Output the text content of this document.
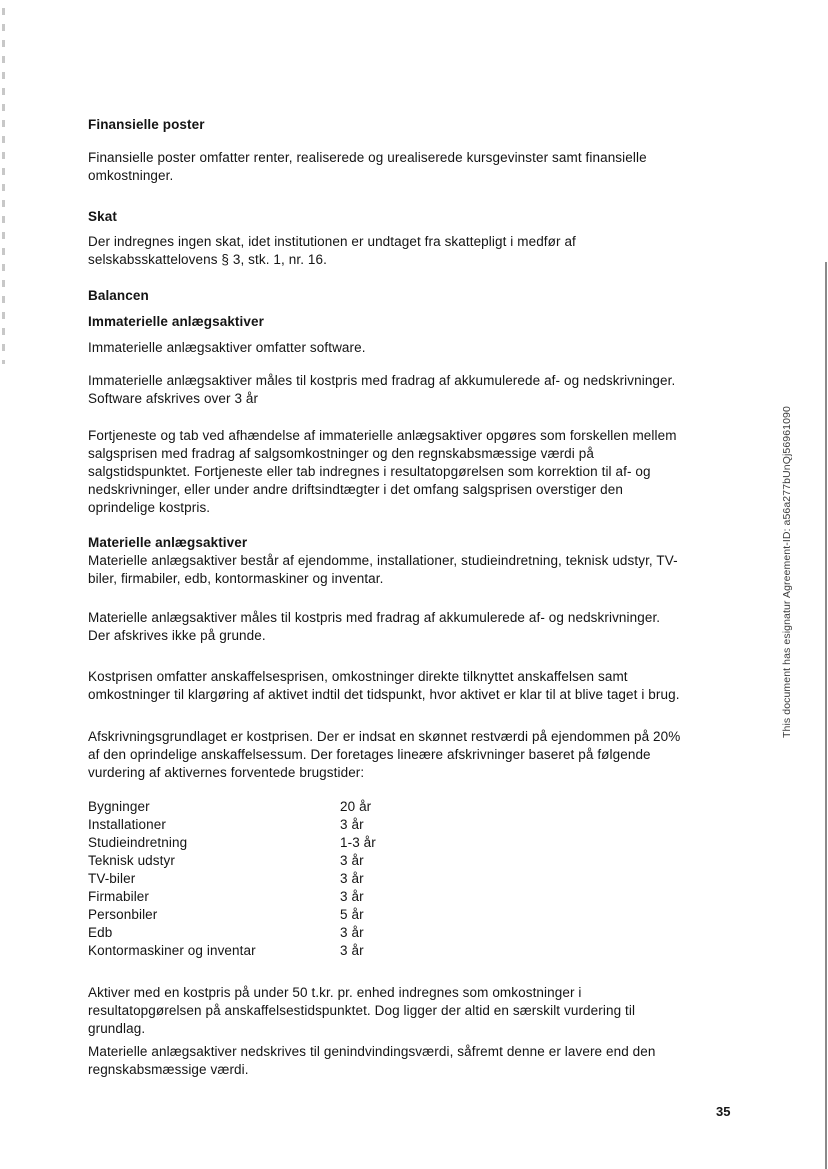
Finansielle poster
Finansielle poster omfatter renter, realiserede og urealiserede kursgevinster samt finansielle
omkostninger.
Skat
Der indregnes ingen skat, idet institutionen er undtaget fra skattepligt i medfør af
selskabsskattelovens § 3, stk. 1, nr. 16.
Balancen
Immaterielle anlægsaktiver
Immaterielle anlægsaktiver omfatter software.
Immaterielle anlægsaktiver måles til kostpris med fradrag af akkumulerede af- og nedskrivninger.
Software afskrives over 3 år
Fortjeneste og tab ved afhændelse af immaterielle anlægsaktiver opgøres som forskellen mellem
salgsprisen med fradrag af salgsomkostninger og den regnskabsmæssige værdi på
salgstidspunktet. Fortjeneste eller tab indregnes i resultatopgørelsen som korrektion til af- og
nedskrivninger, eller under andre driftsindtægter i det omfang salgsprisen overstiger den
oprindelige kostpris.
Materielle anlægsaktiver
Materielle anlægsaktiver består af ejendomme, installationer, studieindretning, teknisk udstyr, TV-
biler, firmabiler, edb, kontormaskiner og inventar.
Materielle anlægsaktiver måles til kostpris med fradrag af akkumulerede af- og nedskrivninger.
Der afskrives ikke på grunde.
Kostprisen omfatter anskaffelsesprisen, omkostninger direkte tilknyttet anskaffelsen samt
omkostninger til klargøring af aktivet indtil det tidspunkt, hvor aktivet er klar til at blive taget i brug.
Afskrivningsgrundlaget er kostprisen. Der er indsat en skønnet restværdi på ejendommen på 20%
af den oprindelige anskaffelsessum. Der foretages lineære afskrivninger baseret på følgende
vurdering af aktivernes forventede brugstider:
Bygninger	20 år
Installationer	3 år
Studieindretning	1-3 år
Teknisk udstyr	3 år
TV-biler	3 år
Firmabiler	3 år
Personbiler	5 år
Edb	3 år
Kontormaskiner og inventar	3 år
Aktiver med en kostpris på under 50 t.kr. pr. enhed indregnes som omkostninger i
resultatopgørelsen på anskaffelsestidspunktet. Dog ligger der altid en særskilt vurdering til
grundlag.
Materielle anlægsaktiver nedskrives til genindvindingsværdi, såfremt denne er lavere end den
regnskabsmæssige værdi.
This document has esignatur Agreement-ID: a56a277bUnQj56961090
35
